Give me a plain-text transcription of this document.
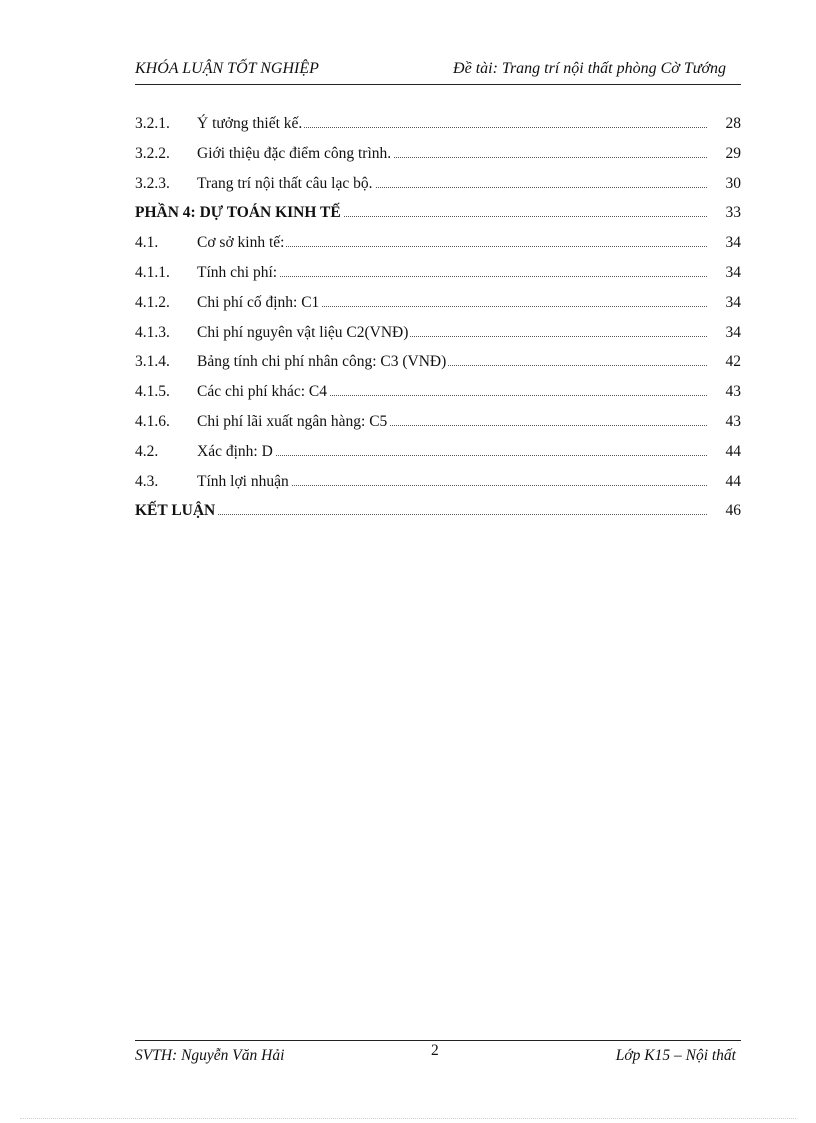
KHÓA LUẬN TỐT NGHIỆP	Đề tài: Trang trí nội thất phòng Cờ Tướng
3.2.1. Ý tưởng thiết kế.	28
3.2.2. Giới thiệu đặc điểm công trình.	29
3.2.3. Trang trí nội thất câu lạc bộ.	30
PHẦN 4: DỰ TOÁN KINH TẾ	33
4.1.	Cơ sở kinh tế:	34
4.1.1. Tính chi phí:	34
4.1.2. Chi phí cố định: C1	34
4.1.3. Chi phí nguyên vật liệu C2(VNĐ)	34
3.1.4. Bảng tính chi phí nhân công: C3 (VNĐ)	42
4.1.5. Các chi phí khác: C4	43
4.1.6. Chi phí lãi xuất ngân hàng: C5	43
4.2.	Xác định: D	44
4.3.	Tính lợi nhuận	44
KẾT LUẬN	46
SVTH: Nguyễn Văn Hải	2	Lớp K15 – Nội thất
